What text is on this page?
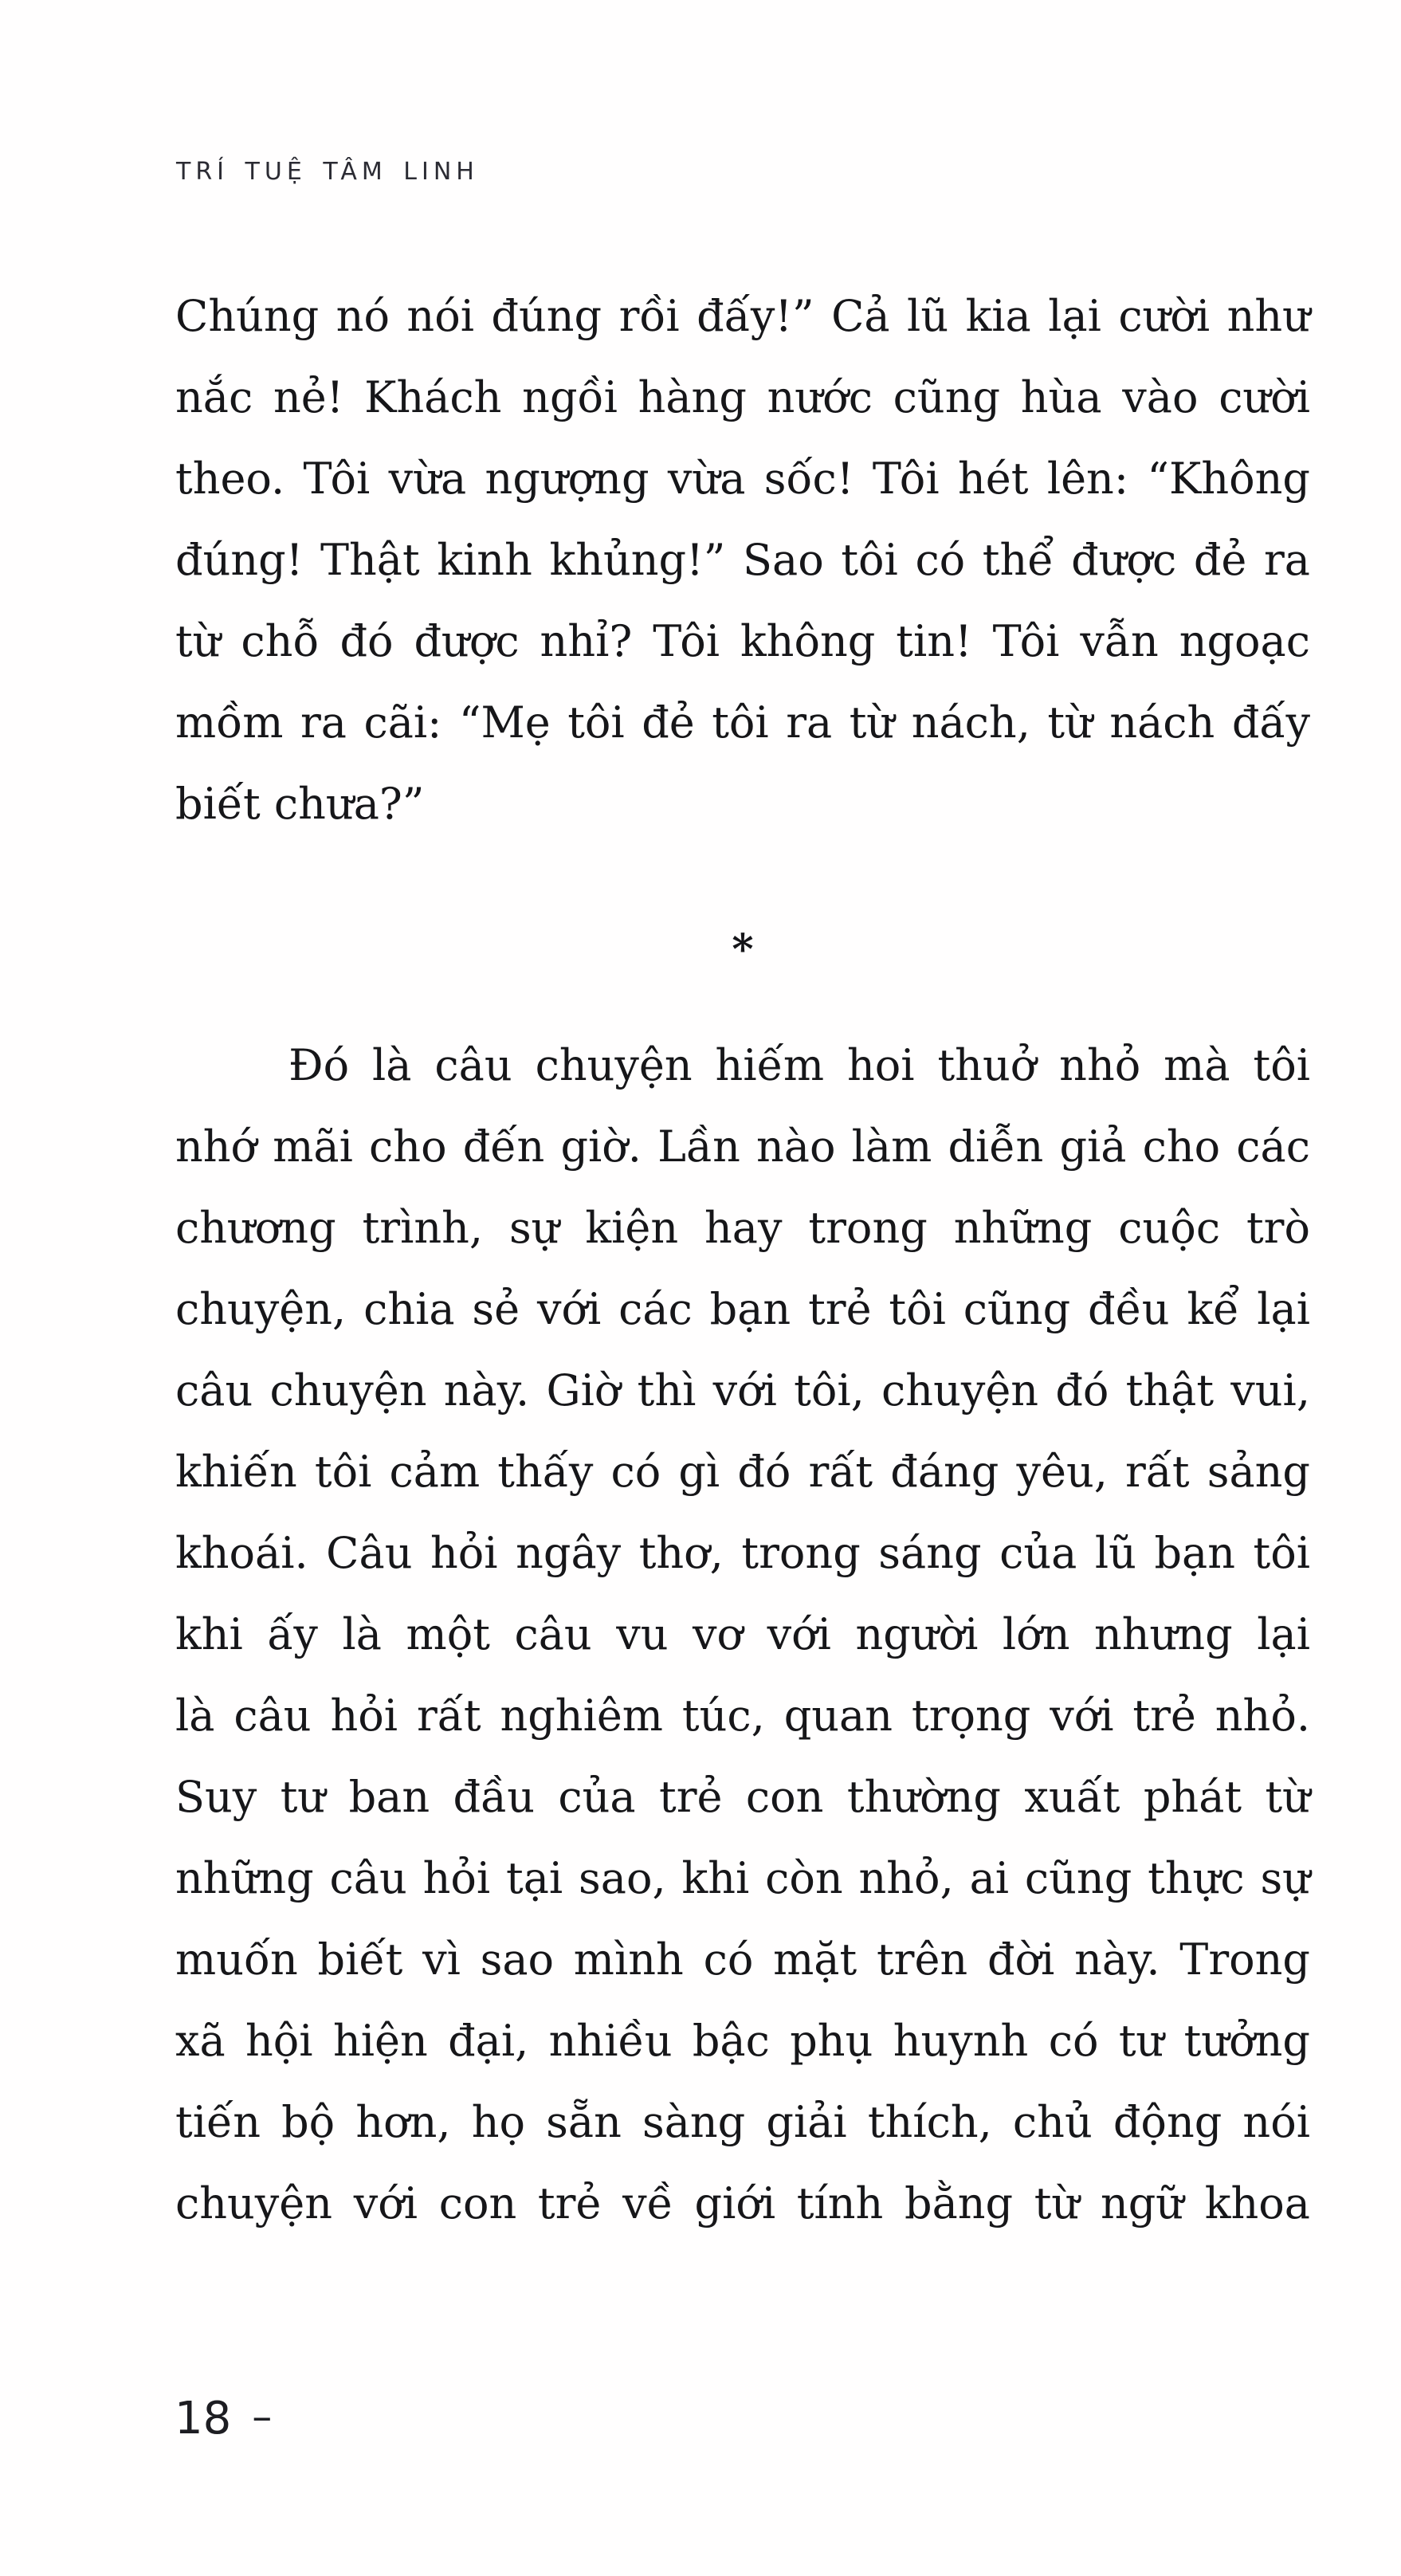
TRÍ TUỆ TÂM LINH
Chúng nó nói đúng rồi đấy!” Cả lũ kia lại cười như
nắc nẻ! Khách ngồi hàng nước cũng hùa vào cười
theo. Tôi vừa ngượng vừa sốc! Tôi hét lên: “Không
đúng! Thật kinh khủng!” Sao tôi có thể được đẻ ra
từ chỗ đó được nhỉ? Tôi không tin! Tôi vẫn ngoạc
mồm ra cãi: “Mẹ tôi đẻ tôi ra từ nách, từ nách đấy
biết chưa?”
*
Đó là câu chuyện hiếm hoi thuở nhỏ mà tôi
nhớ mãi cho đến giờ. Lần nào làm diễn giả cho các
chương trình, sự kiện hay trong những cuộc trò
chuyện, chia sẻ với các bạn trẻ tôi cũng đều kể lại
câu chuyện này. Giờ thì với tôi, chuyện đó thật vui,
khiến tôi cảm thấy có gì đó rất đáng yêu, rất sảng
khoái. Câu hỏi ngây thơ, trong sáng của lũ bạn tôi
khi ấy là một câu vu vơ với người lớn nhưng lại
là câu hỏi rất nghiêm túc, quan trọng với trẻ nhỏ.
Suy tư ban đầu của trẻ con thường xuất phát từ
những câu hỏi tại sao, khi còn nhỏ, ai cũng thực sự
muốn biết vì sao mình có mặt trên đời này. Trong
xã hội hiện đại, nhiều bậc phụ huynh có tư tưởng
tiến bộ hơn, họ sẵn sàng giải thích, chủ động nói
chuyện với con trẻ về giới tính bằng từ ngữ khoa
18 –
